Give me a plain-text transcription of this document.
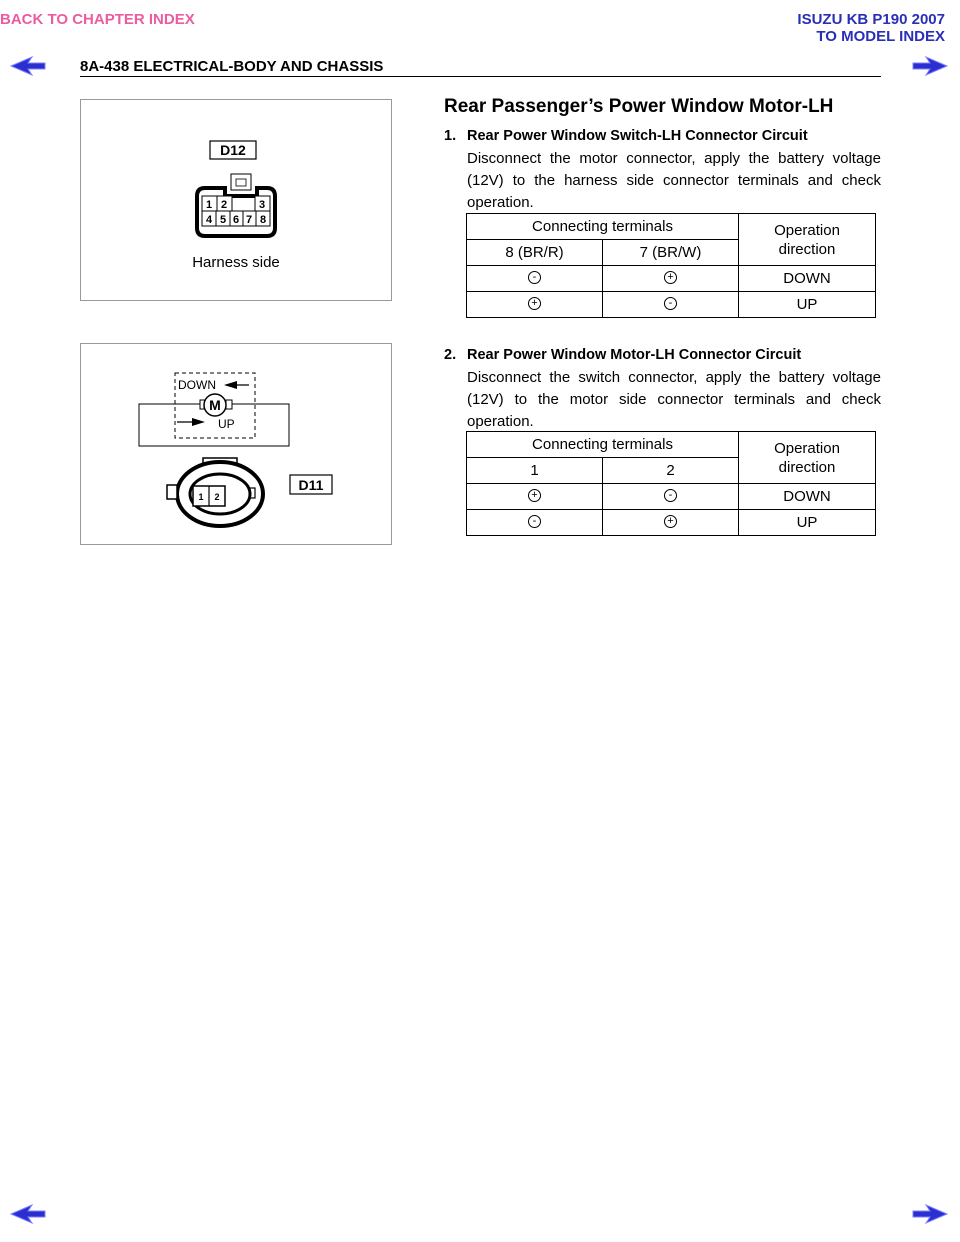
BACK TO CHAPTER INDEX	ISUZU KB P190 2007
TO MODEL INDEX
8A-438 ELECTRICAL-BODY AND CHASSIS
D12
1 2	3
4 5 6 7 8
Harness side
M
DOWN
UP
1 2
D11
Rear Passenger’s Power Window Motor-LH
1. Rear Power Window Switch-LH Connector Circuit
Disconnect the motor connector, apply the battery voltage (12V) to the harness side connector terminals and check operation.
Connecting terminals		Operation direction

8 (BR/R)	7 (BR/W)	
-	+	DOWN
+	-	UP
2. Rear Power Window Motor-LH Connector Circuit
Disconnect the switch connector, apply the battery voltage (12V) to the motor side connector terminals and check operation.
Connecting terminals		Operation direction

1	2	
+	-	DOWN
-	+	UP
